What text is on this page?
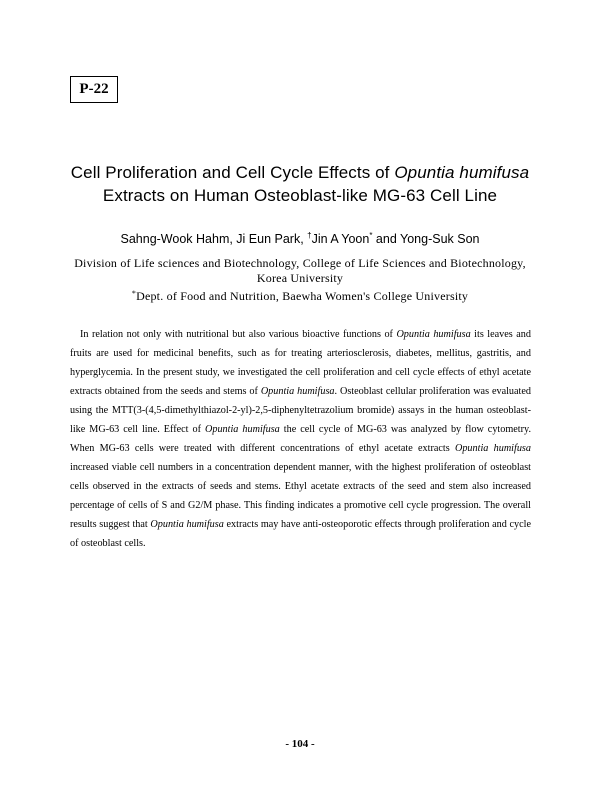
P-22
Cell Proliferation and Cell Cycle Effects of Opuntia humifusa
Extracts on Human Osteoblast-like MG-63 Cell Line
Sahng-Wook Hahm, Ji Eun Park, †Jin A Yoon* and Yong-Suk Son
Division of Life sciences and Biotechnology, College of Life Sciences and Biotechnology,
Korea University
*Dept. of Food and Nutrition, Baewha Women's College University
In relation not only with nutritional but also various bioactive functions of Opuntia humifusa its leaves and fruits are used for medicinal benefits, such as for treating arteriosclerosis, diabetes, mellitus, gastritis, and hyperglycemia. In the present study, we investigated the cell proliferation and cell cycle effects of ethyl acetate extracts obtained from the seeds and stems of Opuntia humifusa. Osteoblast cellular proliferation was evaluated using the MTT(3-(4,5-dimethylthiazol-2-yl)-2,5-diphenyltetrazolium bromide) assays in the human osteoblast-like MG-63 cell line. Effect of Opuntia humifusa the cell cycle of MG-63 was analyzed by flow cytometry. When MG-63 cells were treated with different concentrations of ethyl acetate extracts Opuntia humifusa increased viable cell numbers in a concentration dependent manner, with the highest proliferation of osteoblast cells observed in the extracts of seeds and stems. Ethyl acetate extracts of the seed and stem also increased percentage of cells of S and G2/M phase. This finding indicates a promotive cell cycle progression. The overall results suggest that Opuntia humifusa extracts may have anti-osteoporotic effects through proliferation and cycle of osteoblast cells.
- 104 -
